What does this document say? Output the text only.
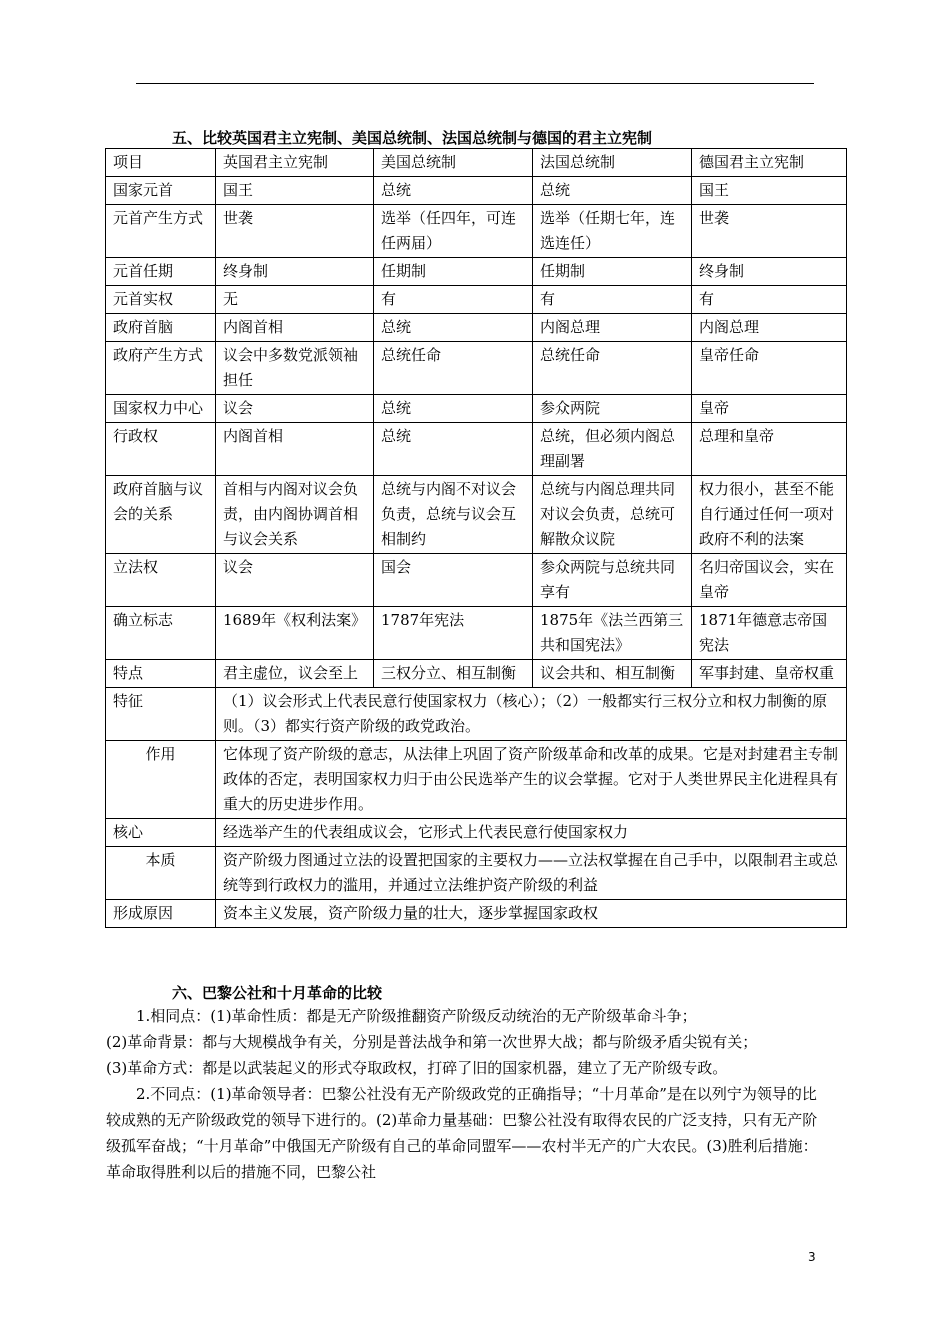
五、比较英国君主立宪制、美国总统制、法国总统制与德国的君主立宪制
项目	英国君主立宪制	美国总统制	法国总统制	德国君主立宪制
国家元首	国王	总统	总统	国王
元首产生方式	世袭	选举（任四年，可连任两届）	选举（任期七年，连选连任）	世袭
元首任期	终身制	任期制	任期制	终身制
元首实权	无	有	有	有
政府首脑	内阁首相	总统	内阁总理	内阁总理
政府产生方式	议会中多数党派领袖担任	总统任命	总统任命	皇帝任命
国家权力中心	议会	总统	参众两院	皇帝
行政权	内阁首相	总统	总统，但必须内阁总理副署	总理和皇帝
政府首脑与议会的关系	首相与内阁对议会负责，由内阁协调首相与议会关系	总统与内阁不对议会负责，总统与议会互相制约	总统与内阁总理共同对议会负责，总统可解散众议院	权力很小，甚至不能自行通过任何一项对政府不利的法案
立法权	议会	国会	参众两院与总统共同享有	名归帝国议会，实在皇帝
确立标志	1689年《权利法案》	1787年宪法	1875年《法兰西第三共和国宪法》	1871年德意志帝国宪法
特点	君主虚位，议会至上	三权分立、相互制衡	议会共和、相互制衡	军事封建、皇帝权重
特征	（1）议会形式上代表民意行使国家权力（核心）；（2）一般都实行三权分立和权力制衡的原则。（3）都实行资产阶级的政党政治。			
作用	它体现了资产阶级的意志，从法律上巩固了资产阶级革命和改革的成果。它是对封建君主专制政体的否定，表明国家权力归于由公民选举产生的议会掌握。它对于人类世界民主化进程具有重大的历史进步作用。			
核心	经选举产生的代表组成议会，它形式上代表民意行使国家权力			
本质	资产阶级力图通过立法的设置把国家的主要权力——立法权掌握在自己手中，以限制君主或总统等到行政权力的滥用，并通过立法维护资产阶级的利益			
形成原因	资本主义发展，资产阶级力量的壮大，逐步掌握国家政权			
六、巴黎公社和十月革命的比较

1.相同点：(1)革命性质：都是无产阶级推翻资产阶级反动统治的无产阶级革命斗争；

(2)革命背景：都与大规模战争有关，分别是普法战争和第一次世界大战；都与阶级矛盾尖锐有关；

(3)革命方式：都是以武装起义的形式夺取政权，打碎了旧的国家机器，建立了无产阶级专政。

2.不同点：(1)革命领导者：巴黎公社没有无产阶级政党的正确指导；“十月革命”是在以列宁为领导的比较成熟的无产阶级政党的领导下进行的。(2)革命力量基础：巴黎公社没有取得农民的广泛支持，只有无产阶级孤军奋战；“十月革命”中俄国无产阶级有自己的革命同盟军——农村半无产的广大农民。(3)胜利后措施：革命取得胜利以后的措施不同，巴黎公社

3
